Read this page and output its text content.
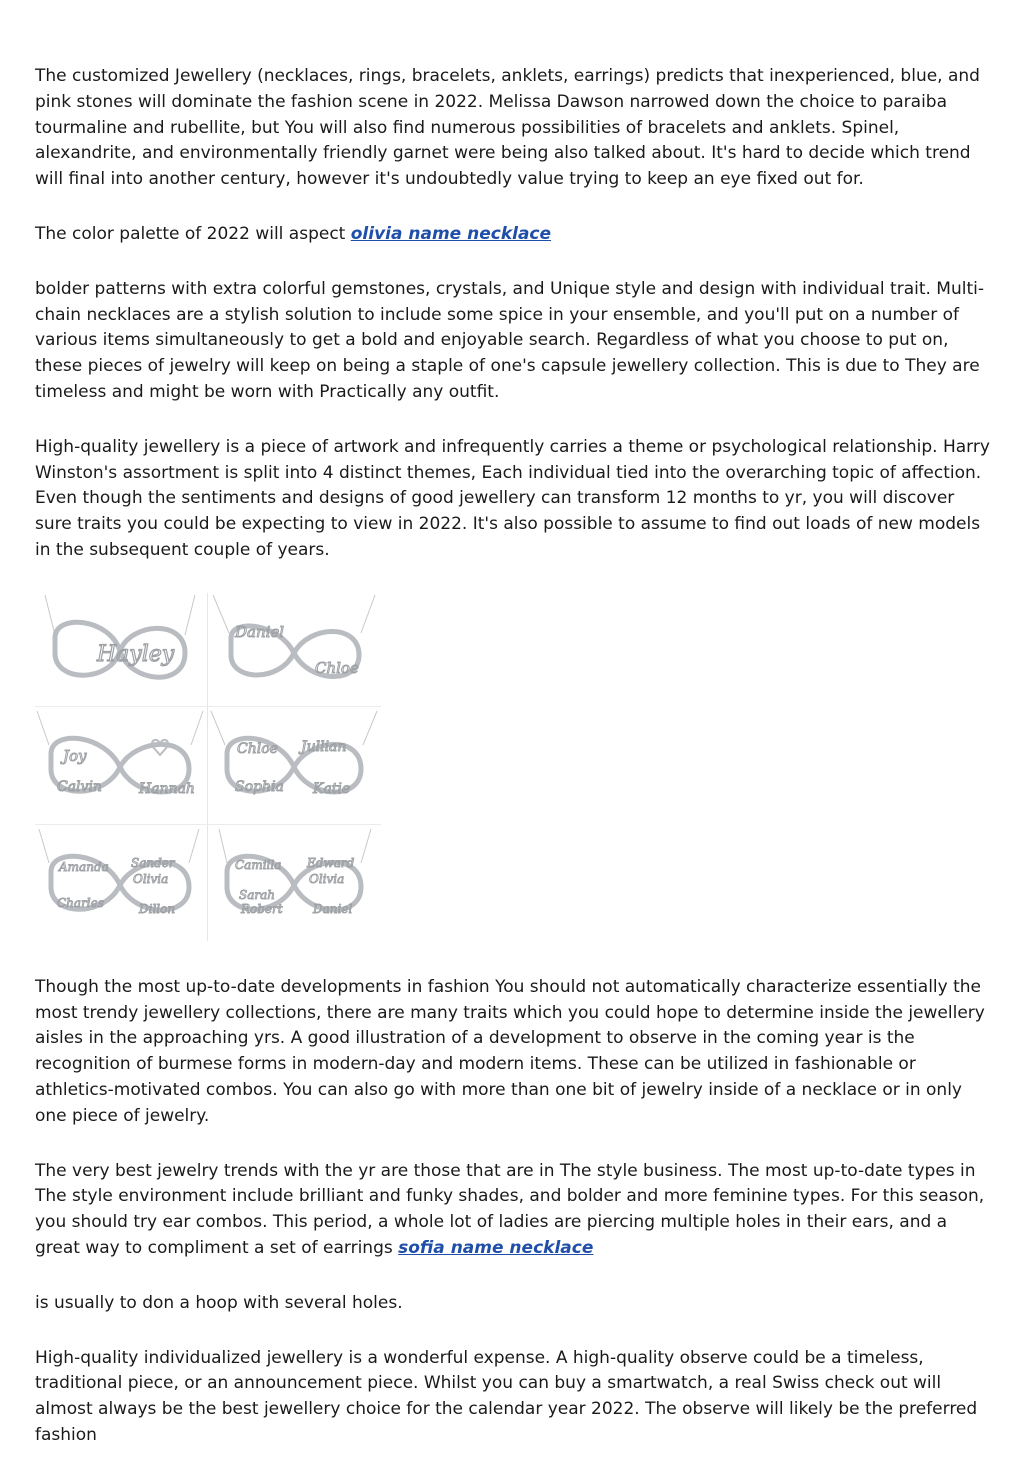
The customized Jewellery (necklaces, rings, bracelets, anklets, earrings) predicts that inexperienced, blue, and pink stones will dominate the fashion scene in 2022. Melissa Dawson narrowed down the choice to paraiba tourmaline and rubellite, but You will also find numerous possibilities of bracelets and anklets. Spinel, alexandrite, and environmentally friendly garnet were being also talked about. It's hard to decide which trend will final into another century, however it's undoubtedly value trying to keep an eye fixed out for.

The color palette of 2022 will aspect olivia name necklace

bolder patterns with extra colorful gemstones, crystals, and Unique style and design with individual trait. Multi-chain necklaces are a stylish solution to include some spice in your ensemble, and you'll put on a number of various items simultaneously to get a bold and enjoyable search. Regardless of what you choose to put on, these pieces of jewelry will keep on being a staple of one's capsule jewellery collection. This is due to They are timeless and might be worn with Practically any outfit.

High-quality jewellery is a piece of artwork and infrequently carries a theme or psychological relationship. Harry Winston's assortment is split into 4 distinct themes, Each individual tied into the overarching topic of affection. Even though the sentiments and designs of good jewellery can transform 12 months to yr, you will discover sure traits you could be expecting to view in 2022. It's also possible to assume to find out loads of new models in the subsequent couple of years.

Hayley
Daniel
Chloe
Joy
Calvin	Hannah
Chloe Jullian
Sophia Katie
Amanda
Charles
Sander
Olivia
Dillon
Camilla Edward
Olivia
Sarah
Robert	Daniel

Though the most up-to-date developments in fashion You should not automatically characterize essentially the most trendy jewellery collections, there are many traits which you could hope to determine inside the jewellery aisles in the approaching yrs. A good illustration of a development to observe in the coming year is the recognition of burmese forms in modern-day and modern items. These can be utilized in fashionable or athletics-motivated combos. You can also go with more than one bit of jewelry inside of a necklace or in only one piece of jewelry.

The very best jewelry trends with the yr are those that are in The style business. The most up-to-date types in The style environment include brilliant and funky shades, and bolder and more feminine types. For this season, you should try ear combos. This period, a whole lot of ladies are piercing multiple holes in their ears, and a great way to compliment a set of earrings sofia name necklace

is usually to don a hoop with several holes.

High-quality individualized jewellery is a wonderful expense. A high-quality observe could be a timeless, traditional piece, or an announcement piece. Whilst you can buy a smartwatch, a real Swiss check out will almost always be the best jewellery choice for the calendar year 2022. The observe will likely be the preferred fashion
